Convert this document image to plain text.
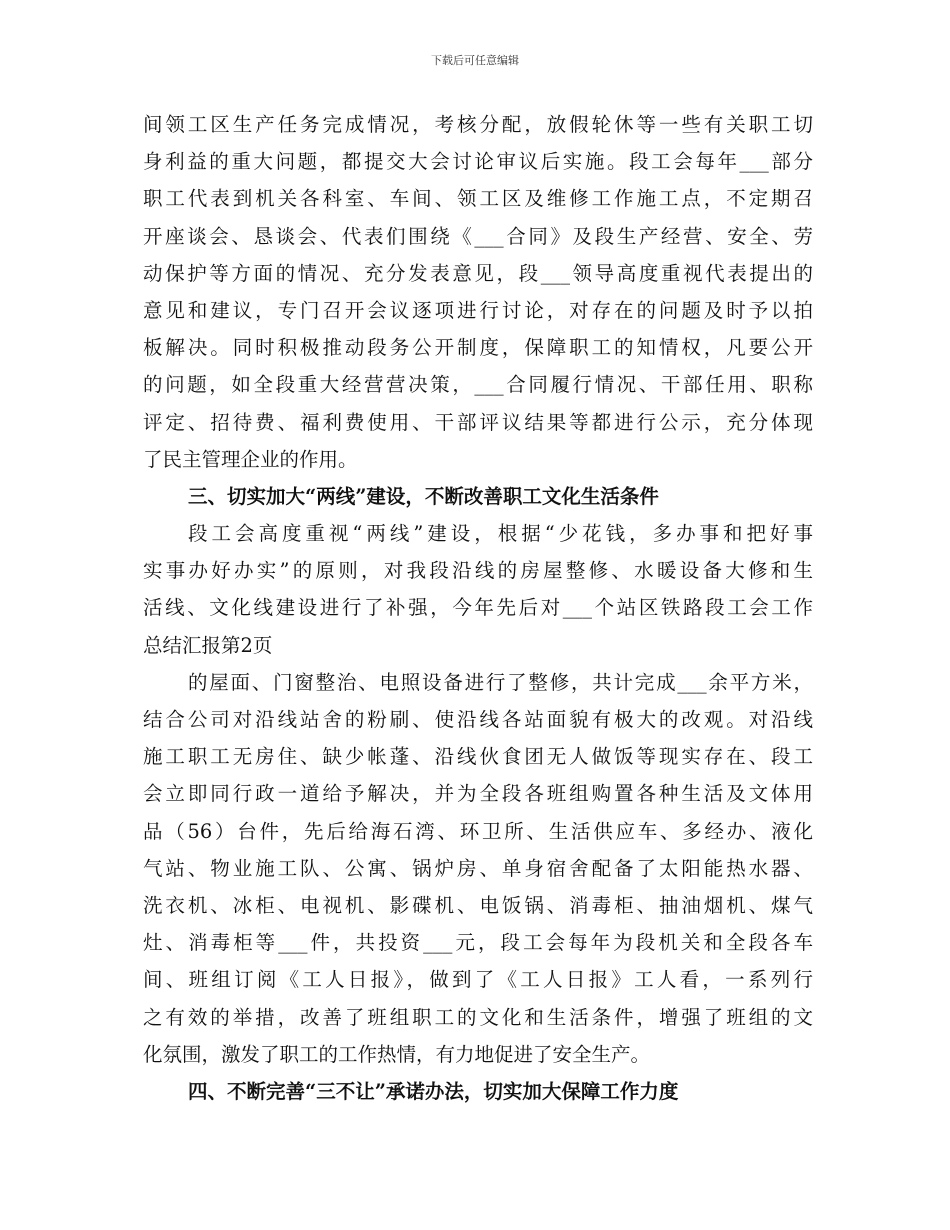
下载后可任意编辑
间领工区生产任务完成情况，考核分配，放假轮休等一些有关职工切
身利益的重大问题，都提交大会讨论审议后实施。段工会每年___部分
职工代表到机关各科室、车间、领工区及维修工作施工点，不定期召
开座谈会、恳谈会、代表们围绕《___合同》及段生产经营、安全、劳
动保护等方面的情况、充分发表意见，段___领导高度重视代表提出的
意见和建议，专门召开会议逐项进行讨论，对存在的问题及时予以拍
板解决。同时积极推动段务公开制度，保障职工的知情权，凡要公开
的问题，如全段重大经营营决策，___合同履行情况、干部任用、职称
评定、招待费、福利费使用、干部评议结果等都进行公示，充分体现
了民主管理企业的作用。
三、切实加大“两线”建设，不断改善职工文化生活条件
段工会高度重视“两线”建设，根据“少花钱，多办事和把好事
实事办好办实”的原则，对我段沿线的房屋整修、水暖设备大修和生
活线、文化线建设进行了补强，今年先后对___个站区铁路段工会工作
总结汇报第2页
的屋面、门窗整治、电照设备进行了整修，共计完成___余平方米，
结合公司对沿线站舍的粉刷、使沿线各站面貌有极大的改观。对沿线
施工职工无房住、缺少帐蓬、沿线伙食团无人做饭等现实存在、段工
会立即同行政一道给予解决，并为全段各班组购置各种生活及文体用
品（56）台件，先后给海石湾、环卫所、生活供应车、多经办、液化
气站、物业施工队、公寓、锅炉房、单身宿舍配备了太阳能热水器、
洗衣机、冰柜、电视机、影碟机、电饭锅、消毒柜、抽油烟机、煤气
灶、消毒柜等___件，共投资___元，段工会每年为段机关和全段各车
间、班组订阅《工人日报》，做到了《工人日报》工人看，一系列行
之有效的举措，改善了班组职工的文化和生活条件，增强了班组的文
化氛围，激发了职工的工作热情，有力地促进了安全生产。
四、不断完善“三不让”承诺办法，切实加大保障工作力度
